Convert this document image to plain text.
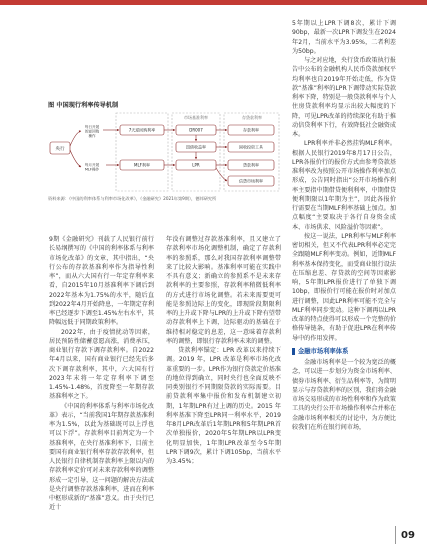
图 中国现行利率传导机制
市场基准利率	存贷款利率
央行
每日开展
的逆回购
操作
每月开展
MLF操作
7天逆回购利率
MLF利率
DR007
国债收益率
LPR
存款利率
固收投资工具
贷款利率
信贷市场利率
资料来源：《中国的利率体系与利率市场化改革》，《金融研究》2021年第9期），德邦研究所

9期《金融研究》刊载了人民银行前行长易纲撰写的《中国的利率体系与利率市场化改革》的文章，其中指出，“央行公布的存款基准利率作为指导性利率”，而从六大国有行一年定存利率来看，自2015年10月基准利率下调后到2022年基本为1.75%的水平，随后直到2022年4月开始降息，一年期定存利率已经逐步下调至1.45%左右水平，其降幅远低于同期政策利率。

2022年，由于疫情扰动等因素，居民预防性储蓄意愿高涨，消费承压，商业银行存款下调存款利率。自2022年4月以来，国有商业银行已经先后多次下调存款利率，其中，六大国有行2023年末将一年定存利率下调至1.45%-1.48%，首度降至一年期存款基准利率之下。

《中国的利率体系与利率市场化改革》表示，“当前我国1年期存款基准利率为1.5%，以此为基础既可以上浮也可以下浮”。存款利率目前判定为一个基准利率，在央行基准利率下，目前主要国有商业银行利率存款存款利率，但人民银行自律机制存款利率上限以内的存款利率定价可对未来存款利率的调整形成一定引导，这一问题的解决方法或是央行调整存款基准利率，进而在利率中枢形成新的“基准”意义。由于央行已近十

年没有调整过存款基准利率，且又建立了存款利率市场化调整机制，确定了存款利率的参照系，那么对我国存款利率调整带来了比较大影响。基准利率可能在实践中不具有意义；新确立的参照系不是未来存款利率的主要参照，存款利率稍微低利率的方式进行市场化调整。若未来需要更可能是参照边际上的变化，即现阶段期限利率的上升或下降与LPR的上升或下降有望带动存款利率上下调，边际驱动的基础在于维持相对稳定的息差，这一意味着存款利率的调整，即银行存款利率未来的调整。

贷款利率锚定：LPR 改革以来持续下调。2019 年，LPR 改革是利率市场化改革重要的一步。LPR作为银行贷款定价基准的地位得到确立，同时央行也全面反映不同类别银行不同期限贷款的实际需要。目前贷款利率集中报价和发布机制建立初期，1年期LPR有过上调的历史。2015 年利率基准下降至LPR同一利率水平，2019年8月LPR改革后1年期LPR和5年期LPR首次单独报价，2020年5年期LPR以LPR变化明显加快，1年期LPR改革至今5年期LPR下调9次，累计下调105bp，当前水平为3.45%；

5年期以上LPR下调8次，累计下调90bp，最新一次LPR下调发生在2024年2月，当前水平为3.95%，二者利差为50bp。

与之对应地，央行货币政策执行报告中公布的金融机构人民币贷款加权平均利率也自2019年开始走低，作为贷款“基准”利率的LPR下调带动实际贷款利率下降，特别是一般贷款利率与个人住房贷款利率均显示出较大幅度的下降，可见LPR改革的持续深化有助于推动信贷利率下行，有效降低社会融资成本。

LPR利率并非必然挂钩MLF利率。根据人民银行2019年8月17日公告，LPR各报价行的报价方式由参考贷款基准利率改为按照公开市场操作利率加点形成，公告同时指出“公开市场操作利率主要指中期借贷便利利率，中期借贷便利期限以1年期为主”，因此各报价行需要在当期MLF利率基础上加点。加点幅度“主要取决于各行自身资金成本、市场供求、风险溢价等因素”。

按这一说法，LPR利率与MLF利率密切相关，但又不代表LPR利率必定完全跟随MLF利率变动。例如，近期MLF利率基本保持变化，而受商业银行设法在压缩息差、存贷款的空间等因素影响，5年期LPR报价进行了单独下调10bp，即报价行可能在报价时对加点进行调整，因此LPR利率可能不完全与MLF利率同步变动。这种下调再以LPR改革的特点使得可以形成一个完整的价格传导链条，有助于促进LPR在利率传导中的作用发挥。

金融市场利率体系

金融市场利率是一个较为宽泛的概念，可以进一步划分为资金市场利率、债券市场利率、衍生品利率等，为简明显示与存贷款利率的区别，我们将金融市场交易形成的市场性利率和作为政策工具的央行公开市场操作利率合并称在金融市场利率相关的讨论中，为方便比较我们在所在银行间市场，

09
